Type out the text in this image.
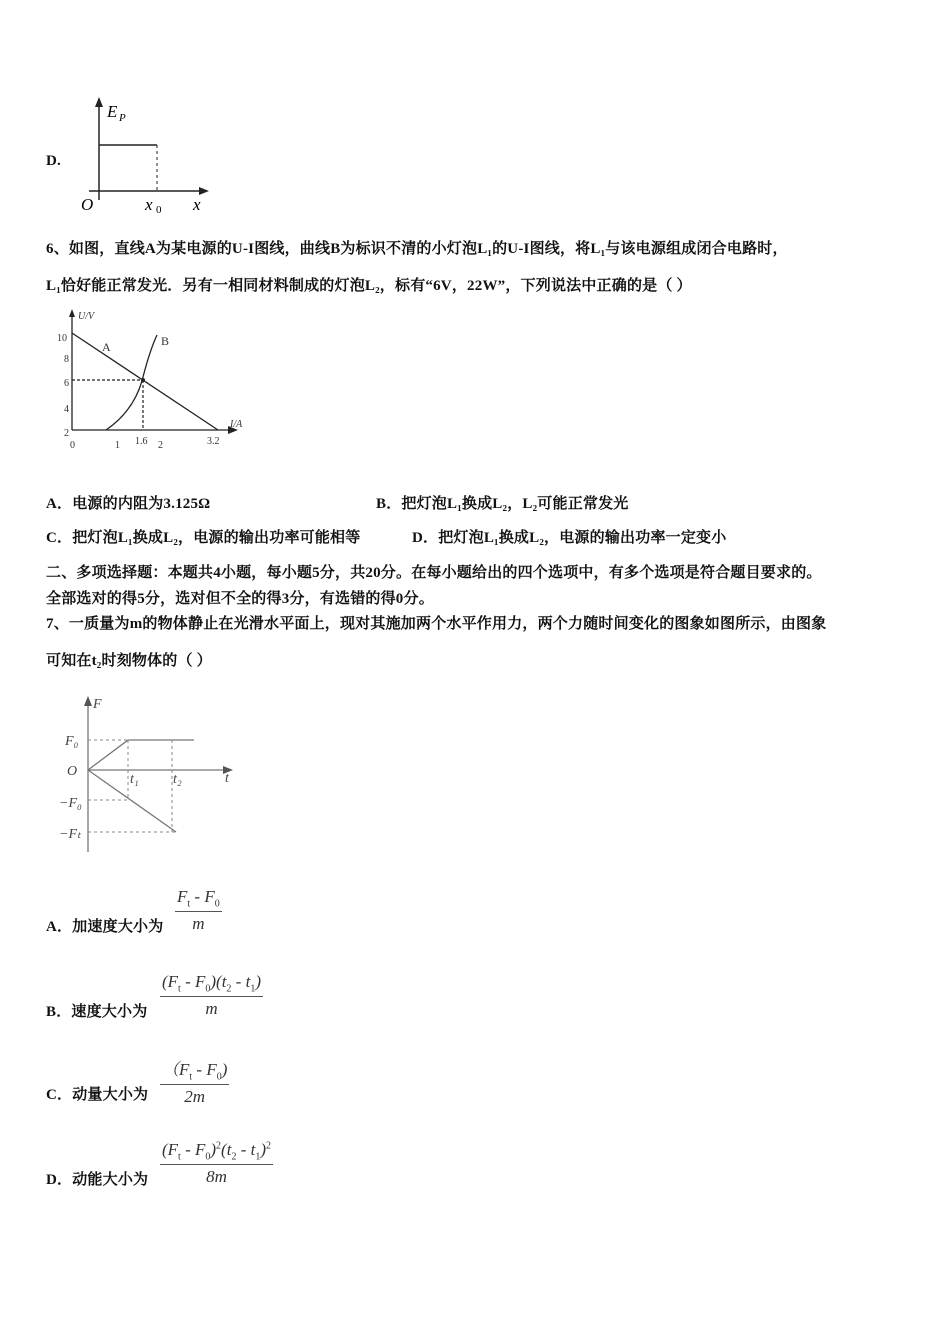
D.
E P
O	x 0 x
6、如图，直线A为某电源的U-I图线，曲线B为标识不清的小灯泡L₁的U-I图线，将L₁与该电源组成闭合电路时，
L₁恰好能正常发光．另有一相同材料制成的灯泡L₂，标有“6V，22W”，下列说法中正确的是（ ）
U/V
I/A
A	B
10
8
6
4
2
0	1 1.6 2	3.2
A．电源的内阻为3.125Ω	B．把灯泡L₁换成L₂，L₂可能正常发光
C．把灯泡L₁换成L₂，电源的输出功率可能相等	D．把灯泡L₁换成L₂，电源的输出功率一定变小
二、多项选择题：本题共4小题，每小题5分，共20分。在每小题给出的四个选项中，有多个选项是符合题目要求的。
全部选对的得5分，选对但不全的得3分，有选错的得0分。
7、一质量为m的物体静止在光滑水平面上，现对其施加两个水平作用力，两个力随时间变化的图象如图所示，由图象
可知在t₂时刻物体的（ ）
F
t
O
F₀
−F₀
−Fₜ
t₁ t₂
A．加速度大小为 $\frac{F_t - F_0}{m}$
B．速度大小为 $\frac{(F_t - F_0)(t_2 - t_1)}{m}$
C．动量大小为 $\frac{(F_t - F_0)}{2m}$
D．动能大小为 $\frac{(F_t - F_0)^2(t_2 - t_1)^2}{8m}$
